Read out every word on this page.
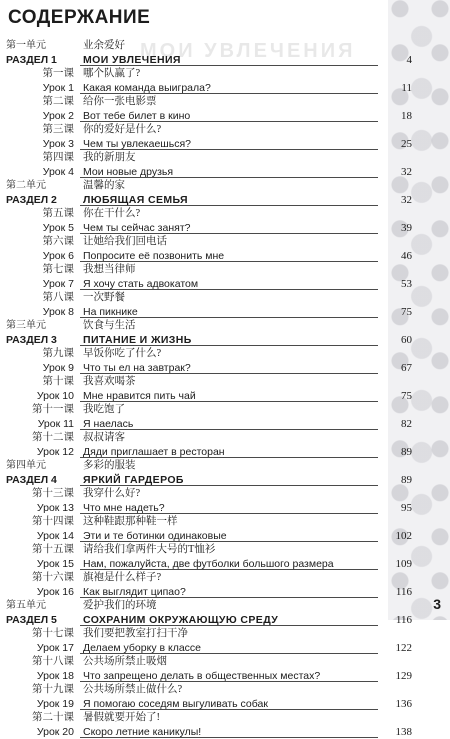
МОИ УВЛЕЧЕНИЯ
СОДЕРЖАНИЕ
第一单元	业余爱好
РАЗДЕЛ 1	МОИ УВЛЕЧЕНИЯ	4
第一课 哪个队赢了?
Урок 1 Какая команда выиграла?	11
第二课 给你一张电影票
Урок 2 Вот тебе билет в кино	18
第三课 你的爱好是什么?
Урок 3 Чем ты увлекаешься?	25
第四课 我的新朋友
Урок 4 Мои новые друзья	32
第二单元	温馨的家
РАЗДЕЛ 2	ЛЮБЯЩАЯ СЕМЬЯ	32
第五课 你在干什么?
Урок 5 Чем ты сейчас занят?	39
第六课 让她给我们回电话
Урок 6 Попросите её позвонить мне	46
第七课 我想当律师
Урок 7 Я хочу стать адвокатом	53
第八课 一次野餐
Урок 8 На пикнике	75
第三单元	饮食与生活
РАЗДЕЛ 3	ПИТАНИЕ И ЖИЗНЬ	60
第九课 早饭你吃了什么?
Урок 9 Что ты ел на завтрак?	67
第十课 我喜欢喝茶
Урок 10 Мне нравится пить чай	75
第十一课 我吃饱了
Урок 11 Я наелась	82
第十二课 叔叔请客
Урок 12 Дяди приглашает в ресторан	89
第四单元	多彩的服装
РАЗДЕЛ 4	ЯРКИЙ ГАРДЕРОБ	89
第十三课 我穿什么好?
Урок 13 Что мне надеть?	95
第十四课 这种鞋跟那种鞋一样
Урок 14 Эти и те ботинки одинаковые	102
第十五课 请给我们拿两件大号的T恤衫
Урок 15 Нам, пожалуйста, две футболки большого размера	109
第十六课 旗袍是什么样子?
Урок 16 Как выглядит ципао?	116
第五单元	爱护我们的环境
РАЗДЕЛ 5	СОХРАНИМ ОКРУЖАЮЩУЮ СРЕДУ	116
第十七课 我们要把教室打扫干净
Урок 17 Делаем уборку в классе	122
第十八课 公共场所禁止吸烟
Урок 18 Что запрещено делать в общественных местах?	129
第十九课 公共场所禁止做什么?
Урок 19 Я помогаю соседям выгуливать собак	136
第二十课 暑假就要开始了!
Урок 20 Скоро летние каникулы!	138
3
